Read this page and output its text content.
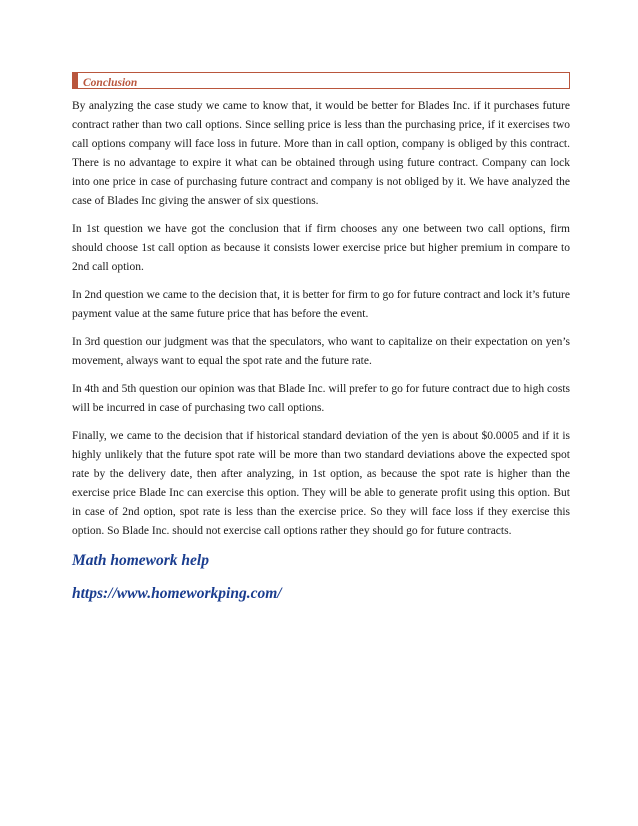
Conclusion

By analyzing the case study we came to know that, it would be better for Blades Inc. if it purchases future contract rather than two call options. Since selling price is less than the purchasing price, if it exercises two call options company will face loss in future. More than in call option, company is obliged by this contract. There is no advantage to expire it what can be obtained through using future contract. Company can lock into one price in case of purchasing future contract and company is not obliged by it. We have analyzed the case of Blades Inc giving the answer of six questions.

In 1st question we have got the conclusion that if firm chooses any one between two call options, firm should choose 1st call option as because it consists lower exercise price but higher premium in compare to 2nd call option.

In 2nd question we came to the decision that, it is better for firm to go for future contract and lock it’s future payment value at the same future price that has before the event.

In 3rd question our judgment was that the speculators, who want to capitalize on their expectation on yen’s movement, always want to equal the spot rate and the future rate.

In 4th and 5th question our opinion was that Blade Inc. will prefer to go for future contract due to high costs will be incurred in case of purchasing two call options.

Finally, we came to the decision that if historical standard deviation of the yen is about $0.0005 and if it is highly unlikely that the future spot rate will be more than two standard deviations above the expected spot rate by the delivery date, then after analyzing, in 1st option, as because the spot rate is higher than the exercise price Blade Inc can exercise this option. They will be able to generate profit using this option. But in case of 2nd option, spot rate is less than the exercise price. So they will face loss if they exercise this option. So Blade Inc. should not exercise call options rather they should go for future contracts.

Math homework help
https://www.homeworkping.com/
